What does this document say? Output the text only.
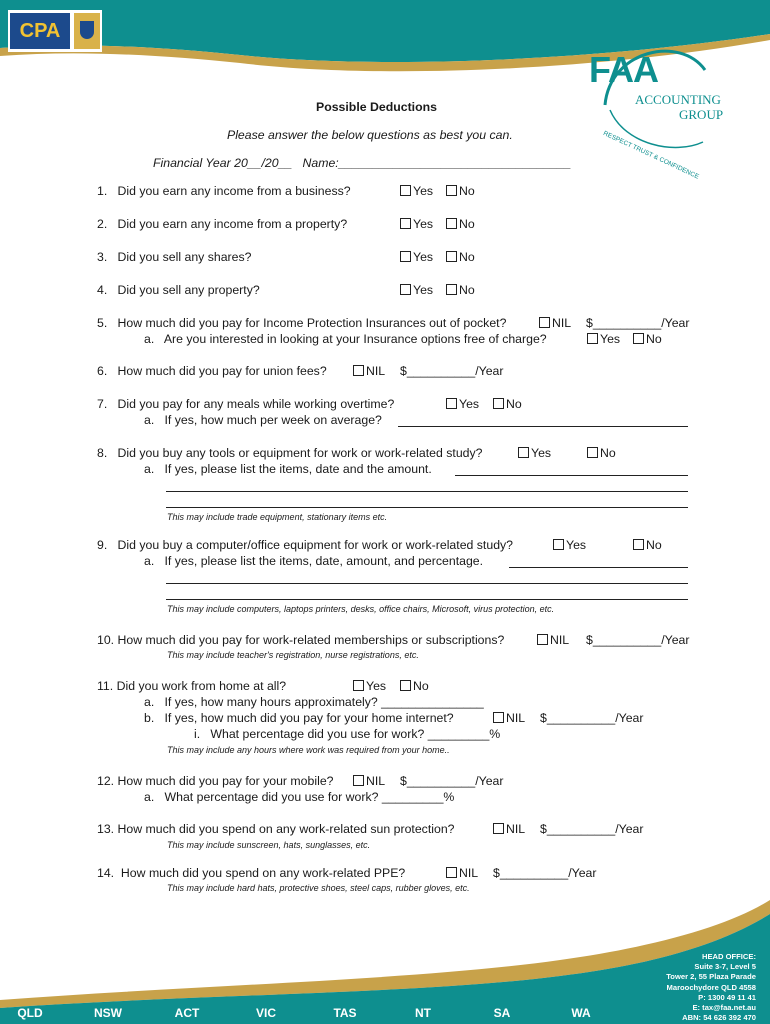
CPA
FAA
ACCOUNTING
GROUP
RESPECT TRUST & CONFIDENCE
Possible Deductions
Please answer the below questions as best you can.
Financial Year 20__/20__   Name:__________________________________
1.   Did you earn any income from a business?	Yes	No
2.   Did you earn any income from a property?	Yes	No
3.   Did you sell any shares?	Yes	No
4.   Did you sell any property?	Yes	No
5.   How much did you pay for Income Protection Insurances out of pocket?	NIL $__________/Year
a.   Are you interested in looking at your Insurance options free of charge?	Yes	No
6.   How much did you pay for union fees?	NIL $__________/Year
7.   Did you pay for any meals while working overtime?	Yes	No
a.   If yes, how much per week on average?
8.   Did you buy any tools or equipment for work or work-related study?	Yes	No
a.   If yes, please list the items, date and the amount.
This may include trade equipment, stationary items etc.
9.   Did you buy a computer/office equipment for work or work-related study?	Yes	No
a.   If yes, please list the items, date, amount, and percentage.
This may include computers, laptops printers, desks, office chairs, Microsoft, virus protection, etc.
10. How much did you pay for work-related memberships or subscriptions?	NIL $__________/Year
This may include teacher's registration, nurse registrations, etc.
11. Did you work from home at all?	Yes	No
a.   If yes, how many hours approximately? _______________
b.   If yes, how much did you pay for your home internet?	NIL $__________/Year
i.   What percentage did you use for work? _________%
This may include any hours where work was required from your home..
12. How much did you pay for your mobile?	NIL $__________/Year
a.   What percentage did you use for work? _________%
13. How much did you spend on any work-related sun protection?	NIL $__________/Year
This may include sunscreen, hats, sunglasses, etc.
14.  How much did you spend on any work-related PPE?	NIL $__________/Year
This may include hard hats, protective shoes, steel caps, rubber gloves, etc.
QLD	NSW	ACT	VIC	TAS	NT	SA	WA
HEAD OFFICE:
Suite 3-7, Level 5
Tower 2, 55 Plaza Parade
Maroochydore QLD 4558
P: 1300 49 11 41
E: tax@faa.net.au
ABN: 54 626 392 470
